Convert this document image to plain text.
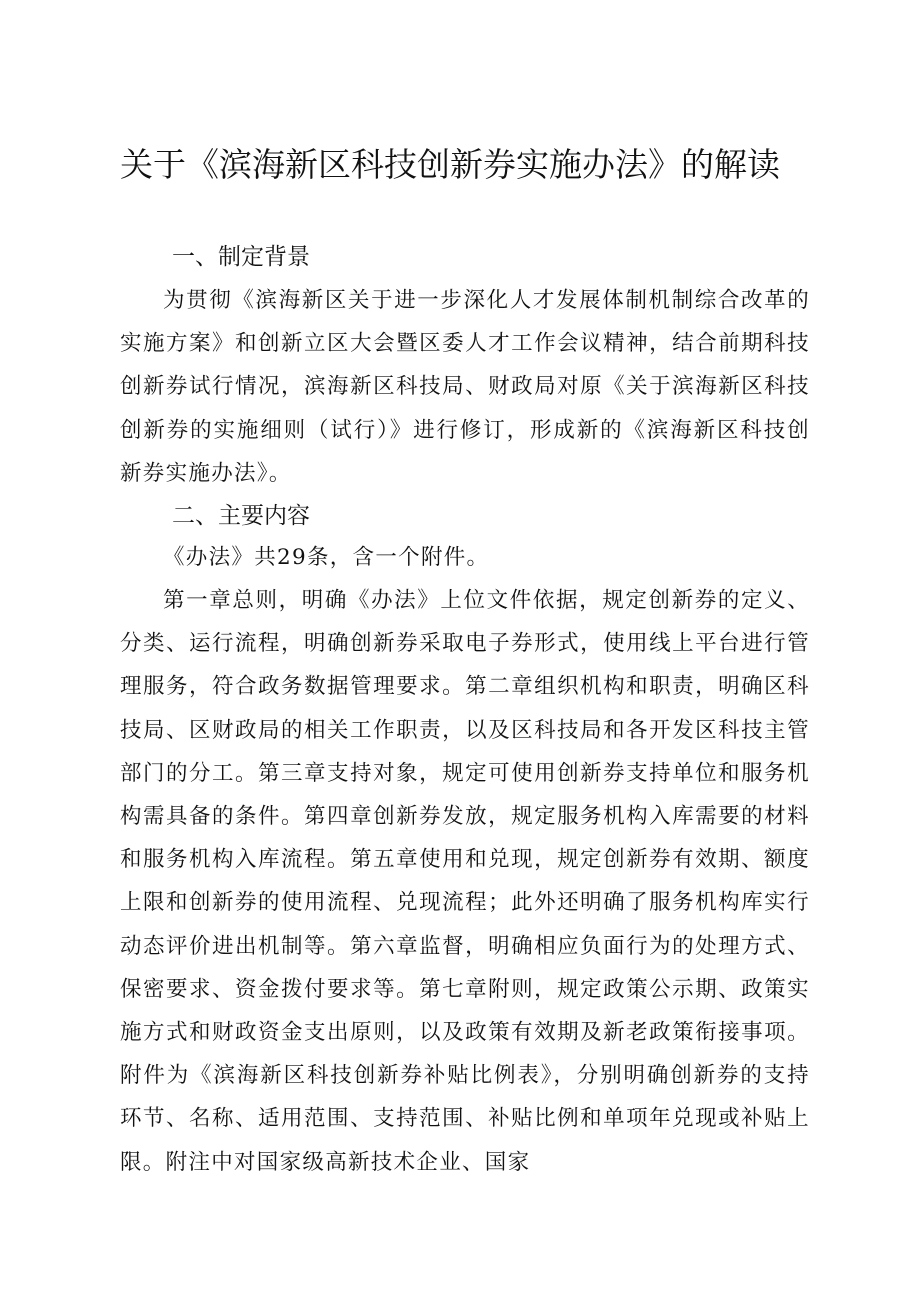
关于《滨海新区科技创新券实施办法》的解读
一、制定背景

为贯彻《滨海新区关于进一步深化人才发展体制机制综合改革的实施方案》和创新立区大会暨区委人才工作会议精神，结合前期科技创新券试行情况，滨海新区科技局、财政局对原《关于滨海新区科技创新券的实施细则（试行）》进行修订，形成新的《滨海新区科技创新券实施办法》。

二、主要内容

《办法》共29条，含一个附件。

第一章总则，明确《办法》上位文件依据，规定创新券的定义、分类、运行流程，明确创新券采取电子券形式，使用线上平台进行管理服务，符合政务数据管理要求。第二章组织机构和职责，明确区科技局、区财政局的相关工作职责，以及区科技局和各开发区科技主管部门的分工。第三章支持对象，规定可使用创新券支持单位和服务机构需具备的条件。第四章创新券发放，规定服务机构入库需要的材料和服务机构入库流程。第五章使用和兑现，规定创新券有效期、额度上限和创新券的使用流程、兑现流程；此外还明确了服务机构库实行动态评价进出机制等。第六章监督，明确相应负面行为的处理方式、保密要求、资金拨付要求等。第七章附则，规定政策公示期、政策实施方式和财政资金支出原则，以及政策有效期及新老政策衔接事项。附件为《滨海新区科技创新券补贴比例表》，分别明确创新券的支持环节、名称、适用范围、支持范围、补贴比例和单项年兑现或补贴上限。附注中对国家级高新技术企业、国家
